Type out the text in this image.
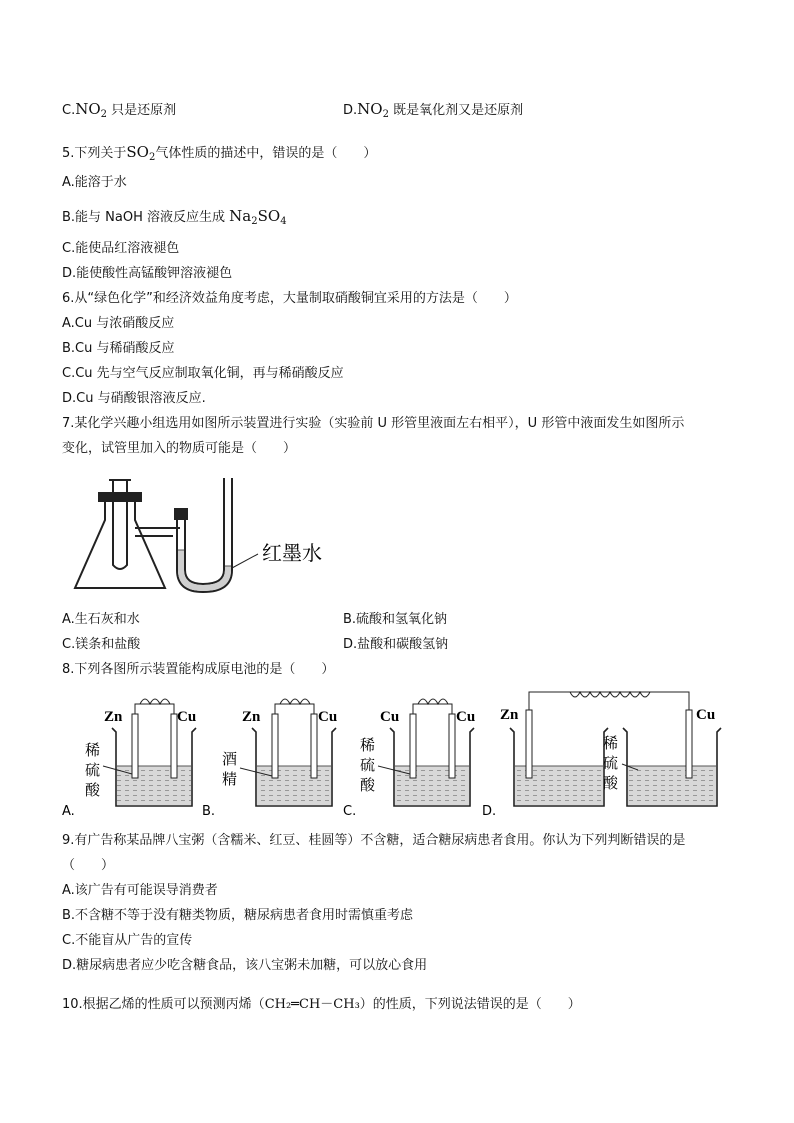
$C.NO_2$ 只是还原剂	$D.NO_2$ 既是氧化剂又是还原剂
5.下列关于$SO_2$气体性质的描述中，错误的是（　　）
A.能溶于水
B.能与 NaOH 溶液反应生成 $Na_2SO_4$
C.能使品红溶液褪色
D.能使酸性高锰酸钾溶液褪色
6.从“绿色化学”和经济效益角度考虑，大量制取硝酸铜宜采用的方法是（　　）
A.Cu 与浓硝酸反应
B.Cu 与稀硝酸反应
C.Cu 先与空气反应制取氧化铜，再与稀硝酸反应
D.Cu 与硝酸银溶液反应.
7.某化学兴趣小组选用如图所示装置进行实验（实验前 U 形管里液面左右相平），U 形管中液面发生如图所示
变化，试管里加入的物质可能是（　　）
红墨水
A.生石灰和水	B.硫酸和氢氧化钠
C.镁条和盐酸	D.盐酸和碳酸氢钠
8.下列各图所示装置能构成原电池的是（　　）
Zn	Cu
稀
硫
酸
A.
Zn	Cu
酒
精
B.
Cu	Cu
稀
硫
酸
C.
Zn	Cu
稀
硫
酸
D.
9.有广告称某品牌八宝粥（含糯米、红豆、桂圆等）不含糖，适合糖尿病患者食用。你认为下列判断错误的是
（　　）
A.该广告有可能误导消费者
B.不含糖不等于没有糖类物质，糖尿病患者食用时需慎重考虑
C.不能盲从广告的宣传
D.糖尿病患者应少吃含糖食品，该八宝粥未加糖，可以放心食用
10.根据乙烯的性质可以预测丙烯（CH₂═CH－CH₃）的性质，下列说法错误的是（　　）
